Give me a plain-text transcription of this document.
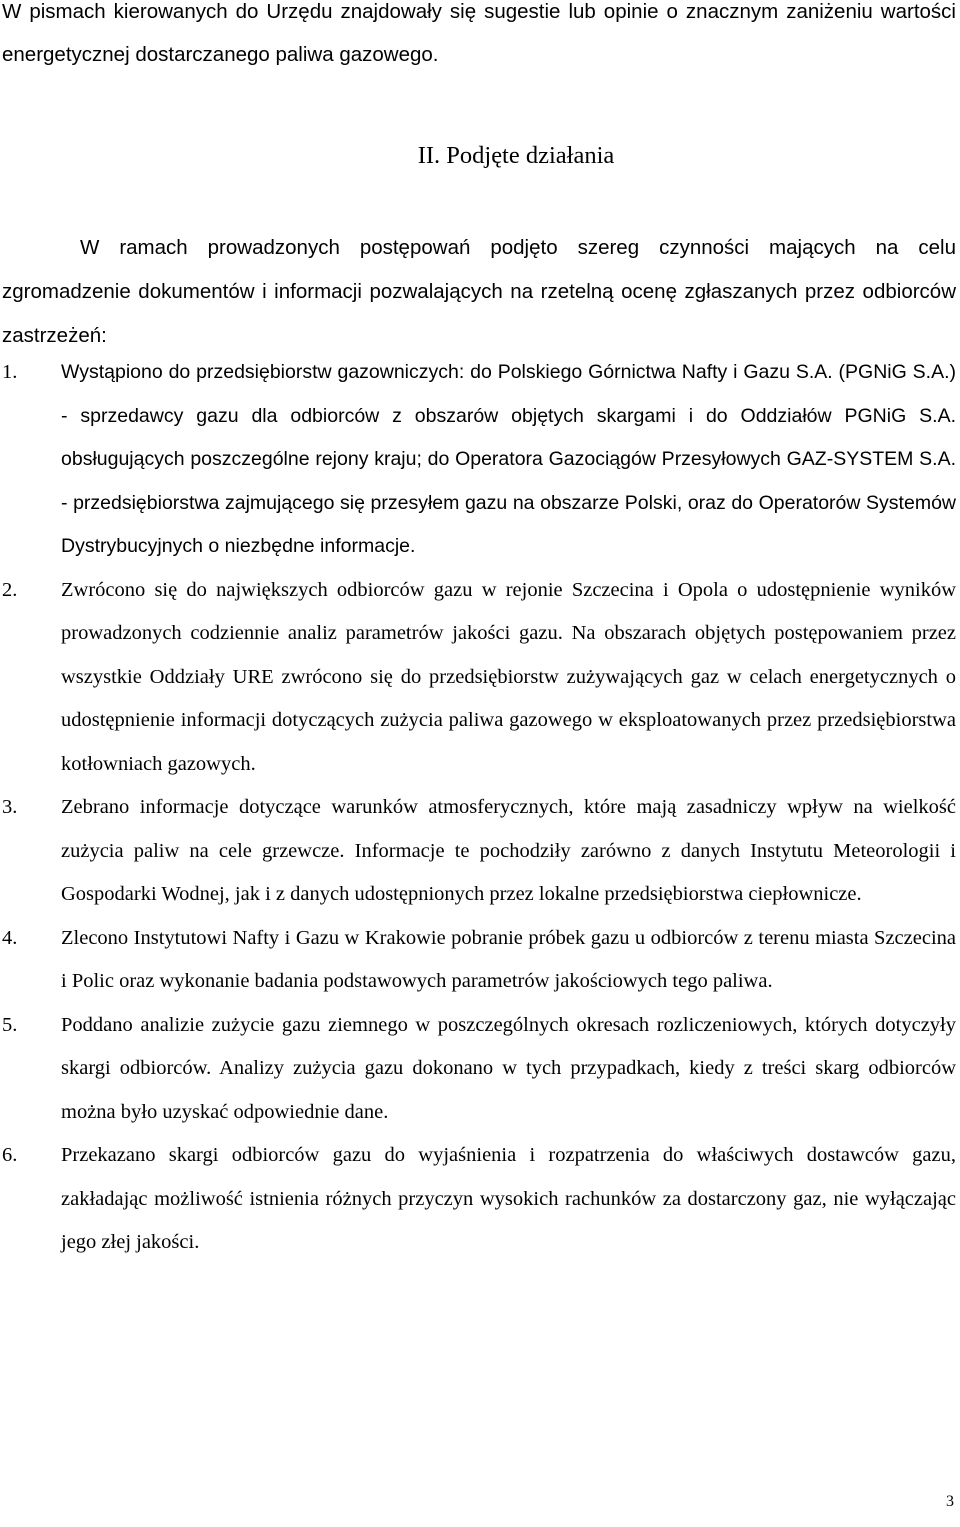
W pismach kierowanych do Urzędu znajdowały się sugestie lub opinie o znacznym zaniżeniu wartości energetycznej dostarczanego paliwa gazowego.

II. Podjęte działania

W ramach prowadzonych postępowań podjęto szereg czynności mających na celu zgromadzenie dokumentów i informacji pozwalających na rzetelną ocenę zgłaszanych przez odbiorców zastrzeżeń:

1. Wystąpiono do przedsiębiorstw gazowniczych: do Polskiego Górnictwa Nafty i Gazu S.A. (PGNiG S.A.) - sprzedawcy gazu dla odbiorców z obszarów objętych skargami i do Oddziałów PGNiG S.A. obsługujących poszczególne rejony kraju; do Operatora Gazociągów Przesyłowych GAZ-SYSTEM S.A. - przedsiębiorstwa zajmującego się przesyłem gazu na obszarze Polski, oraz do Operatorów Systemów Dystrybucyjnych o niezbędne informacje.

2. Zwrócono się do największych odbiorców gazu w rejonie Szczecina i Opola o udostępnienie wyników prowadzonych codziennie analiz parametrów jakości gazu. Na obszarach objętych postępowaniem przez wszystkie Oddziały URE zwrócono się do przedsiębiorstw zużywających gaz w celach energetycznych o udostępnienie informacji dotyczących zużycia paliwa gazowego w eksploatowanych przez przedsiębiorstwa kotłowniach gazowych.

3. Zebrano informacje dotyczące warunków atmosferycznych, które mają zasadniczy wpływ na wielkość zużycia paliw na cele grzewcze. Informacje te pochodziły zarówno z danych Instytutu Meteorologii i Gospodarki Wodnej, jak i z danych udostępnionych przez lokalne przedsiębiorstwa ciepłownicze.

4. Zlecono Instytutowi Nafty i Gazu w Krakowie pobranie próbek gazu u odbiorców z terenu miasta Szczecina i Polic oraz wykonanie badania podstawowych parametrów jakościowych tego paliwa.

5. Poddano analizie zużycie gazu ziemnego w poszczególnych okresach rozliczeniowych, których dotyczyły skargi odbiorców. Analizy zużycia gazu dokonano w tych przypadkach, kiedy z treści skarg odbiorców można było uzyskać odpowiednie dane.

6. Przekazano skargi odbiorców gazu do wyjaśnienia i rozpatrzenia do właściwych dostawców gazu, zakładając możliwość istnienia różnych przyczyn wysokich rachunków za dostarczony gaz, nie wyłączając jego złej jakości.

3
